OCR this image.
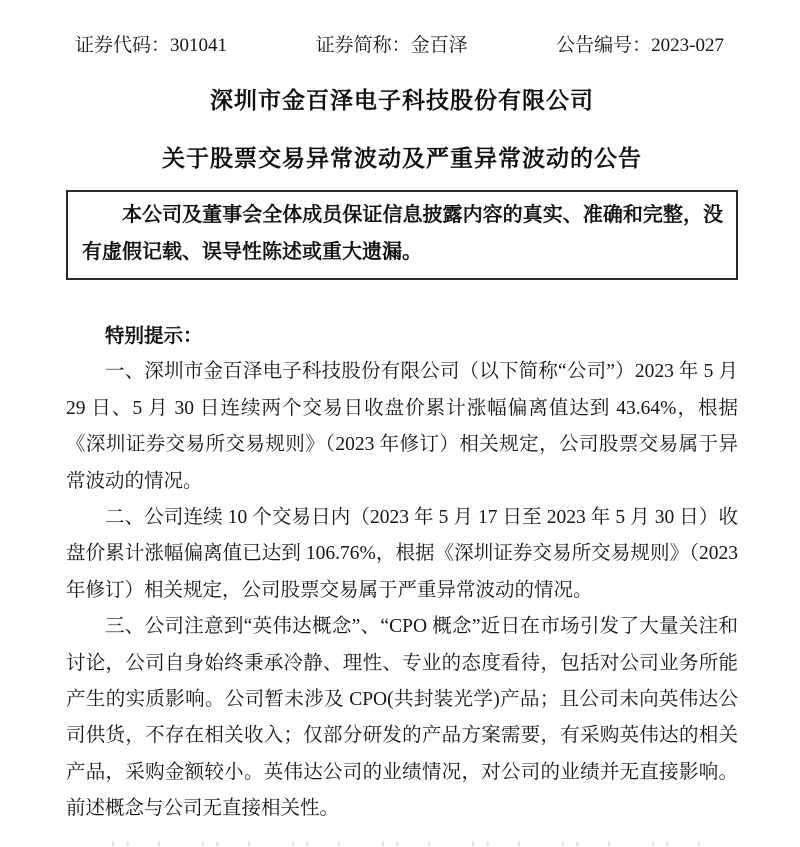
证券代码：301041	证券简称：金百泽	公告编号：2023-027
深圳市金百泽电子科技股份有限公司
关于股票交易异常波动及严重异常波动的公告

本公司及董事会全体成员保证信息披露内容的真实、准确和完整，没有虚假记载、误导性陈述或重大遗漏。

特别提示：

一、深圳市金百泽电子科技股份有限公司（以下简称“公司”）2023 年 5 月 29 日、5 月 30 日连续两个交易日收盘价累计涨幅偏离值达到 43.64%，根据《深圳证券交易所交易规则》（2023 年修订）相关规定，公司股票交易属于异常波动的情况。

二、公司连续 10 个交易日内（2023 年 5 月 17 日至 2023 年 5 月 30 日）收盘价累计涨幅偏离值已达到 106.76%，根据《深圳证券交易所交易规则》（2023 年修订）相关规定，公司股票交易属于严重异常波动的情况。

三、公司注意到“英伟达概念”、“CPO 概念”近日在市场引发了大量关注和讨论，公司自身始终秉承冷静、理性、专业的态度看待，包括对公司业务所能产生的实质影响。公司暂未涉及 CPO(共封装光学)产品；且公司未向英伟达公司供货，不存在相关收入；仅部分研发的产品方案需要，有采购英伟达的相关产品，采购金额较小。英伟达公司的业绩情况，对公司的业绩并无直接影响。前述概念与公司无直接相关性。
